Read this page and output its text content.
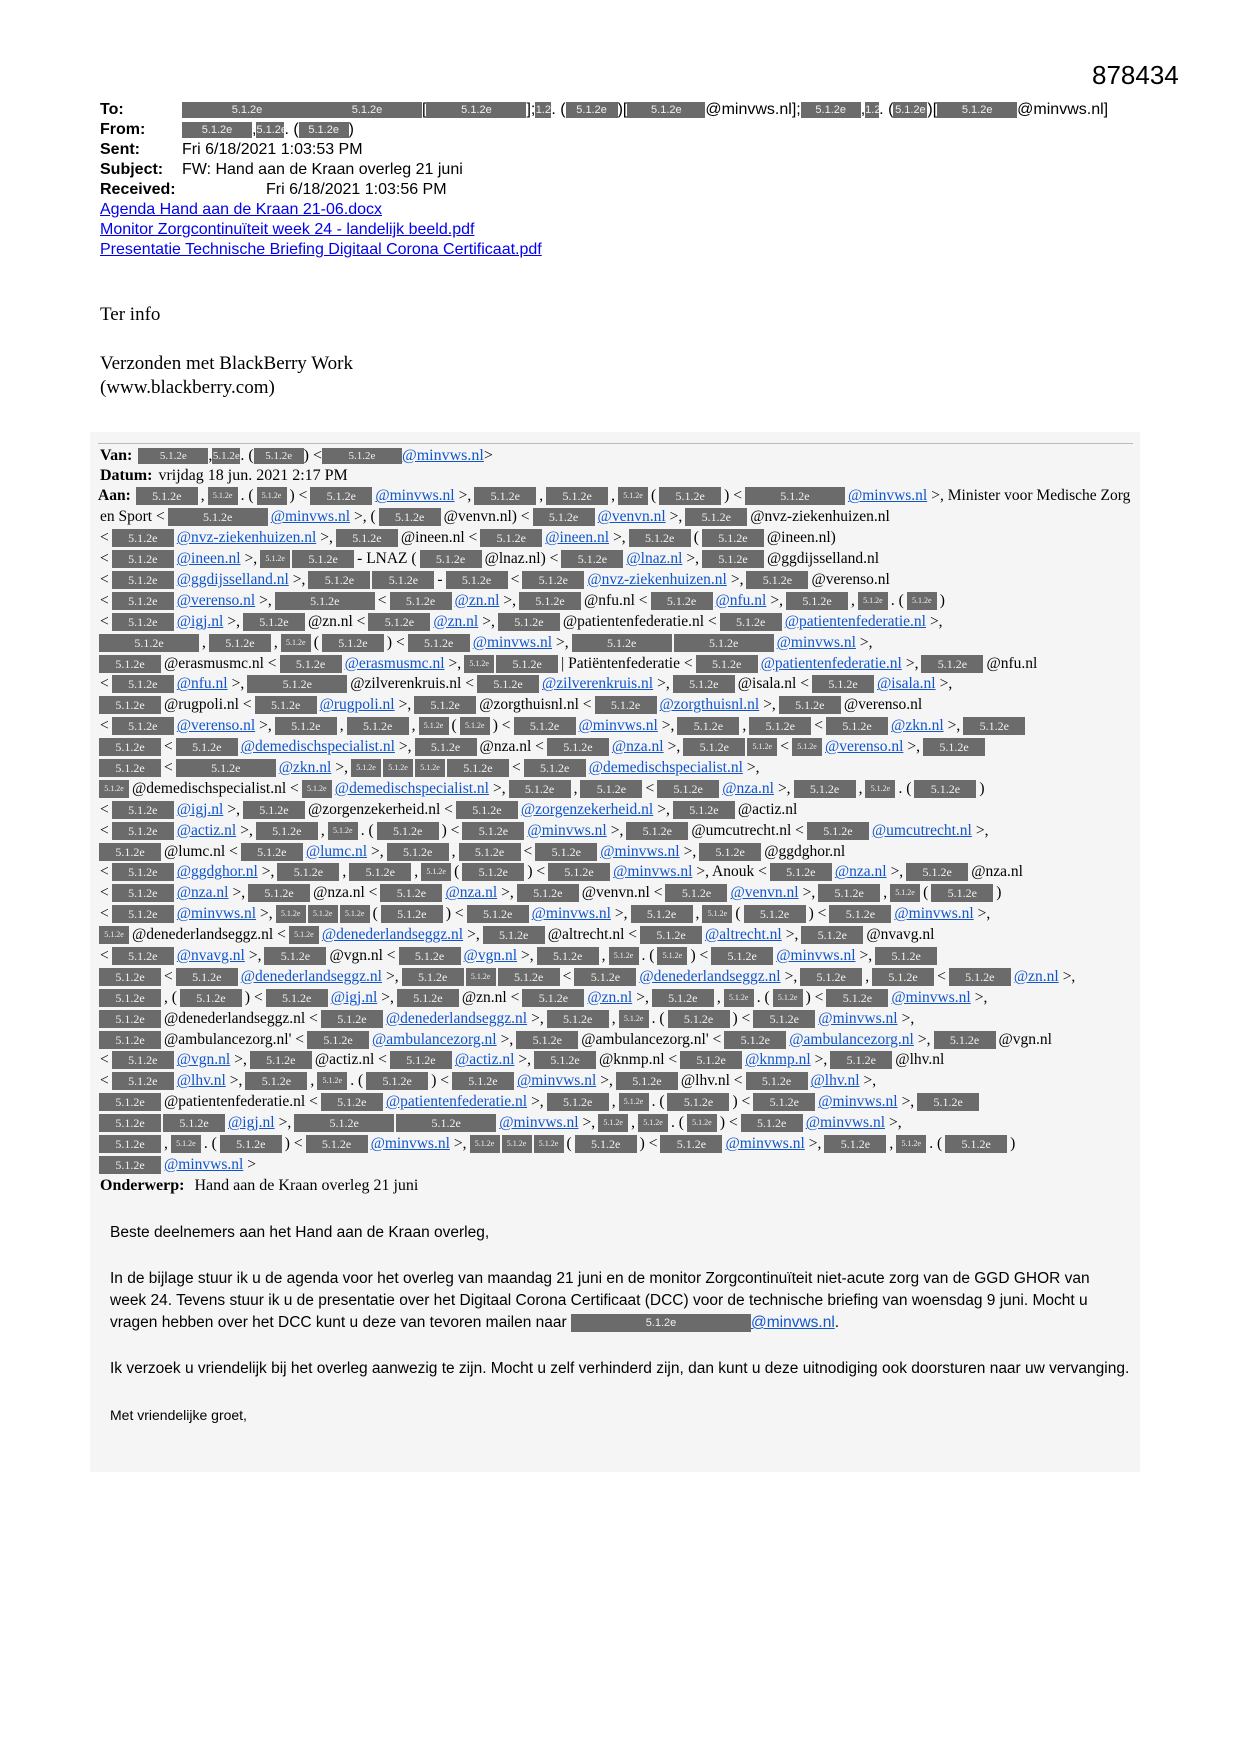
878434
To:	5.1.2e	5.1.2e	[	5.1.2e	]; 1.2 . ( 5.1.2e )[	5.1.2e	@minvws.nl];	5.1.2e , 1.2
. ( 5.1.2e )[	5.1.2e	@minvws.nl]
From:	5.1.2e	, 5.1.2e
. ( 5.1.2e )
Sent:	Fri 6/18/2021 1:03:53 PM
Subject:	FW: Hand aan de Kraan overleg 21 juni
Received:	Fri 6/18/2021 1:03:56 PM
Agenda Hand aan de Kraan 21-06.docx
Monitor Zorgcontinuïteit week 24 - landelijk beeld.pdf
Presentatie Technische Briefing Digitaal Corona Certificaat.pdf
Ter info
Verzonden met BlackBerry Work
(www.blackberry.com)
Van:	5.1.2e	, 5.1.2e . (	5.1.2e ) <	5.1.2e	@minvws.nl >
Datum: vrijdag 18 jun. 2021 2:17 PM
Aan:	5.1.2e	,	5.1.2e . (	5.1.2e ) <	5.1.2e	@minvws.nl >,	5.1.2e	,	5.1.2e	,	5.1.2e (	5.1.2e	) <	5.1.2e	@minvws.nl >, Minister voor Medische Zorg
en Sport <	5.1.2e	@minvws.nl >, (	5.1.2e	@venvn.nl) <	5.1.2e	@venvn.nl >,	5.1.2e	@nvz-ziekenhuizen.nl
<	5.1.2e	@nvz-ziekenhuizen.nl >,	5.1.2e	@ineen.nl <	5.1.2e	@ineen.nl >,	5.1.2e	(	5.1.2e	@ineen.nl)
<	5.1.2e	@ineen.nl >,	5.1.2e	5.1.2e	- LNAZ (	5.1.2e	@lnaz.nl) <	5.1.2e	@lnaz.nl >,	5.1.2e	@ggdijsselland.nl
<	5.1.2e	@ggdijsselland.nl >,	5.1.2e	5.1.2e	-	5.1.2e	<	5.1.2e	@nvz-ziekenhuizen.nl >,	5.1.2e	@verenso.nl
<	5.1.2e	@verenso.nl >,	5.1.2e	<	5.1.2e	@zn.nl >,	5.1.2e	@nfu.nl <	5.1.2e	@nfu.nl >,	5.1.2e	,	5.1.2e . (	5.1.2e )
<	5.1.2e	@igj.nl >,	5.1.2e	@zn.nl <	5.1.2e	@zn.nl >,	5.1.2e	@patientenfederatie.nl <	5.1.2e	@patientenfederatie.nl >,
5.1.2e	,	5.1.2e	,	5.1.2e (	5.1.2e	) <	5.1.2e	@minvws.nl >,	5.1.2e	5.1.2e	@minvws.nl >,
5.1.2e	@erasmusmc.nl <	5.1.2e	@erasmusmc.nl >,	5.1.2e	5.1.2e	| Patiëntenfederatie <	5.1.2e	@patientenfederatie.nl >,	5.1.2e	@nfu.nl
<	5.1.2e	@nfu.nl >,	5.1.2e	@zilverenkruis.nl <	5.1.2e	@zilverenkruis.nl >,	5.1.2e	@isala.nl <	5.1.2e	@isala.nl >,
5.1.2e	@rugpoli.nl <	5.1.2e	@rugpoli.nl >,	5.1.2e	@zorgthuisnl.nl <	5.1.2e	@zorgthuisnl.nl >,	5.1.2e	@verenso.nl
<	5.1.2e	@verenso.nl >,	5.1.2e	,	5.1.2e	,	5.1.2e (	5.1.2e ) <	5.1.2e	@minvws.nl >,	5.1.2e	,	5.1.2e	<	5.1.2e	@zkn.nl >,	5.1.2e
5.1.2e	<	5.1.2e	@demedischspecialist.nl >,	5.1.2e	@nza.nl <	5.1.2e	@nza.nl >,	5.1.2e	5.1.2e <	5.1.2e @verenso.nl >,	5.1.2e
5.1.2e	<	5.1.2e	@zkn.nl >,	5.1.2e	5.1.2e	5.1.2e	5.1.2e	<	5.1.2e	@demedischspecialist.nl >,
5.1.2e @demedischspecialist.nl <	5.1.2e @demedischspecialist.nl >,	5.1.2e	,	5.1.2e	<	5.1.2e	@nza.nl >,	5.1.2e	,	5.1.2e . (	5.1.2e	)
<	5.1.2e	@igj.nl >,	5.1.2e	@zorgenzekerheid.nl <	5.1.2e	@zorgenzekerheid.nl >,	5.1.2e	@actiz.nl
<	5.1.2e	@actiz.nl >,	5.1.2e	,	5.1.2e . (	5.1.2e	) <	5.1.2e	@minvws.nl >,	5.1.2e	@umcutrecht.nl <	5.1.2e	@umcutrecht.nl >,
5.1.2e	@lumc.nl <	5.1.2e	@lumc.nl >,	5.1.2e	,	5.1.2e	<	5.1.2e	@minvws.nl >,	5.1.2e	@ggdghor.nl
<	5.1.2e	@ggdghor.nl >,	5.1.2e	,	5.1.2e	,	5.1.2e (	5.1.2e	) <	5.1.2e	@minvws.nl >, Anouk <	5.1.2e	@nza.nl >,	5.1.2e	@nza.nl
<	5.1.2e	@nza.nl >,	5.1.2e	@nza.nl <	5.1.2e	@nza.nl >,	5.1.2e	@venvn.nl <	5.1.2e	@venvn.nl >,	5.1.2e	,	5.1.2e (	5.1.2e	)
<	5.1.2e	@minvws.nl >,	5.1.2e	5.1.2e	5.1.2e (	5.1.2e	) <	5.1.2e	@minvws.nl >,	5.1.2e	,	5.1.2e (	5.1.2e	) <	5.1.2e	@minvws.nl >,
5.1.2e @denederlandseggz.nl <	5.1.2e @denederlandseggz.nl >,	5.1.2e	@altrecht.nl <	5.1.2e	@altrecht.nl >,	5.1.2e	@nvavg.nl
<	5.1.2e	@nvavg.nl >,	5.1.2e	@vgn.nl <	5.1.2e	@vgn.nl >,	5.1.2e	,	5.1.2e . (	5.1.2e ) <	5.1.2e	@minvws.nl >,	5.1.2e
5.1.2e	<	5.1.2e	@denederlandseggz.nl >,	5.1.2e	5.1.2e	5.1.2e	<	5.1.2e	@denederlandseggz.nl >,	5.1.2e	,	5.1.2e	<	5.1.2e	@zn.nl >,
5.1.2e	, (	5.1.2e	) <	5.1.2e	@igj.nl >,	5.1.2e	@zn.nl <	5.1.2e	@zn.nl >,	5.1.2e	,	5.1.2e . (	5.1.2e ) <	5.1.2e	@minvws.nl >,
5.1.2e	@denederlandseggz.nl <	5.1.2e	@denederlandseggz.nl >,	5.1.2e	,	5.1.2e . (	5.1.2e	) <	5.1.2e	@minvws.nl >,
5.1.2e	@ambulancezorg.nl' <	5.1.2e	@ambulancezorg.nl >,	5.1.2e	@ambulancezorg.nl' <	5.1.2e	@ambulancezorg.nl >,	5.1.2e	@vgn.nl
<	5.1.2e	@vgn.nl >,	5.1.2e	@actiz.nl <	5.1.2e	@actiz.nl >,	5.1.2e	@knmp.nl <	5.1.2e	@knmp.nl >,	5.1.2e	@lhv.nl
<	5.1.2e	@lhv.nl >,	5.1.2e	,	5.1.2e . (	5.1.2e	) <	5.1.2e	@minvws.nl >,	5.1.2e	@lhv.nl <	5.1.2e	@lhv.nl >,
5.1.2e	@patientenfederatie.nl <	5.1.2e	@patientenfederatie.nl >,	5.1.2e	,	5.1.2e . (	5.1.2e	) <	5.1.2e	@minvws.nl >,	5.1.2e
5.1.2e	5.1.2e	@igj.nl >,	5.1.2e	5.1.2e	@minvws.nl >,	5.1.2e ,	5.1.2e . (	5.1.2e ) <	5.1.2e	@minvws.nl >,
5.1.2e	,	5.1.2e . (	5.1.2e	) <	5.1.2e	@minvws.nl >,	5.1.2e	5.1.2e	5.1.2e (	5.1.2e	) <	5.1.2e	@minvws.nl >,	5.1.2e	,	5.1.2e . (	5.1.2e	)
5.1.2e	@minvws.nl >
Onderwerp: Hand aan de Kraan overleg 21 juni

Beste deelnemers aan het Hand aan de Kraan overleg,

In de bijlage stuur ik u de agenda voor het overleg van maandag 21 juni en de monitor Zorgcontinuïteit niet-acute zorg van de GGD GHOR van week 24. Tevens stuur ik u de presentatie over het Digitaal Corona Certificaat (DCC) voor de technische briefing van woensdag 9 juni. Mocht u vragen hebben over het DCC kunt u deze van tevoren mailen naar	5.1.2e	@minvws.nl.

Ik verzoek u vriendelijk bij het overleg aanwezig te zijn. Mocht u zelf verhinderd zijn, dan kunt u deze uitnodiging ook doorsturen naar uw vervanging.

Met vriendelijke groet,
